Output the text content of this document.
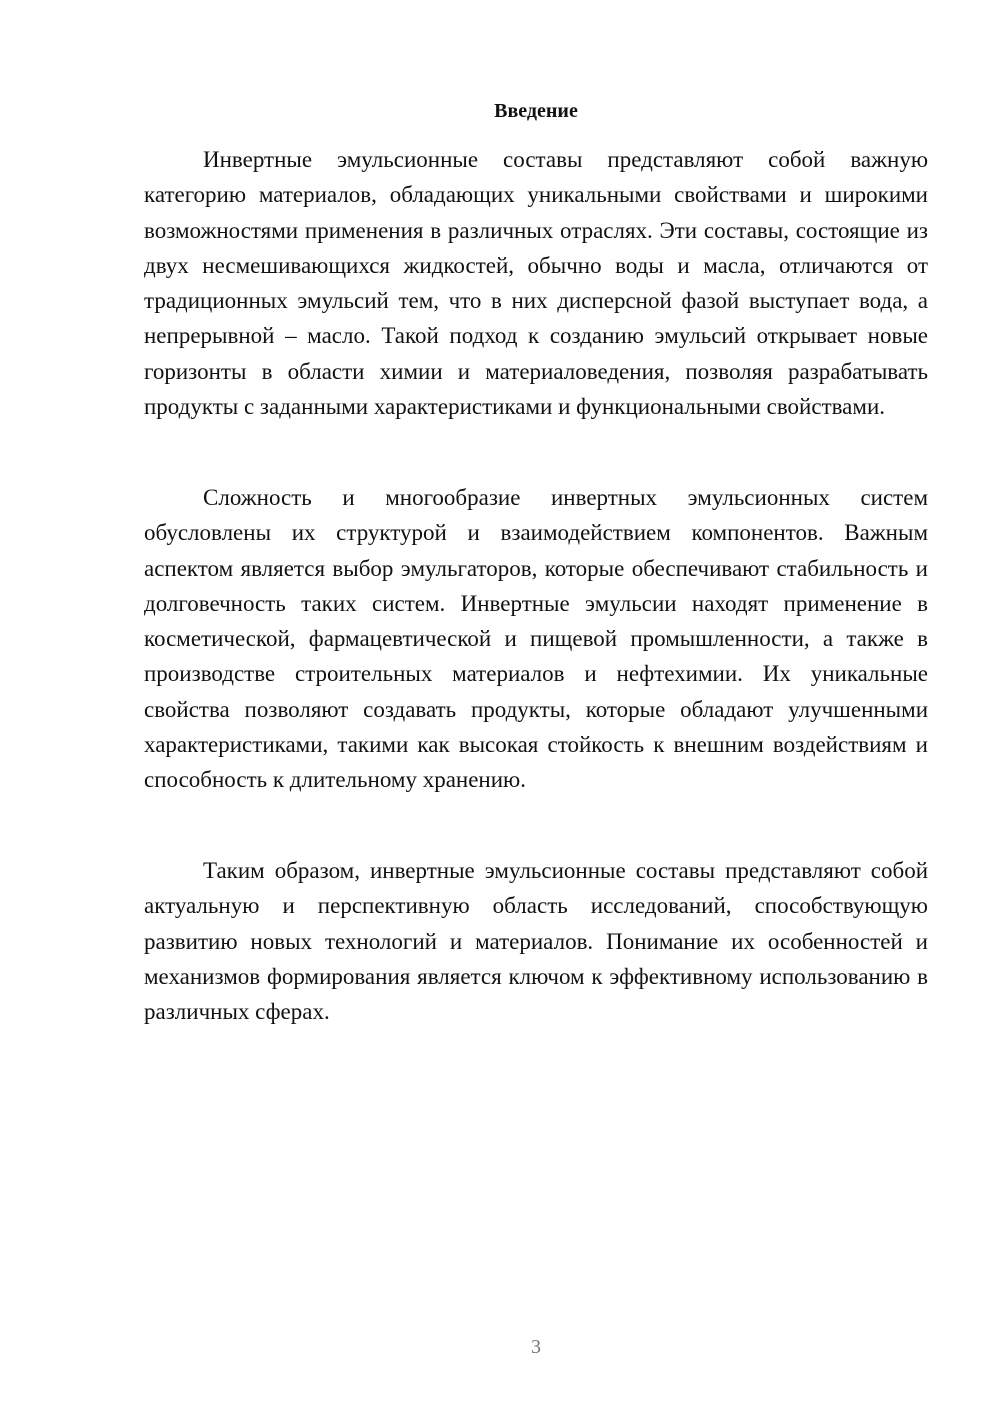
Введение

Инвертные эмульсионные составы представляют собой важную категорию материалов, обладающих уникальными свойствами и широкими возможностями применения в различных отраслях. Эти составы, состоящие из двух несмешивающихся жидкостей, обычно воды и масла, отличаются от традиционных эмульсий тем, что в них дисперсной фазой выступает вода, а непрерывной – масло. Такой подход к созданию эмульсий открывает новые горизонты в области химии и материаловедения, позволяя разрабатывать продукты с заданными характеристиками и функциональными свойствами.

Сложность и многообразие инвертных эмульсионных систем обусловлены их структурой и взаимодействием компонентов. Важным аспектом является выбор эмульгаторов, которые обеспечивают стабильность и долговечность таких систем. Инвертные эмульсии находят применение в косметической, фармацевтической и пищевой промышленности, а также в производстве строительных материалов и нефтехимии. Их уникальные свойства позволяют создавать продукты, которые обладают улучшенными характеристиками, такими как высокая стойкость к внешним воздействиям и способность к длительному хранению.

Таким образом, инвертные эмульсионные составы представляют собой актуальную и перспективную область исследований, способствующую развитию новых технологий и материалов. Понимание их особенностей и механизмов формирования является ключом к эффективному использованию в различных сферах.

3
